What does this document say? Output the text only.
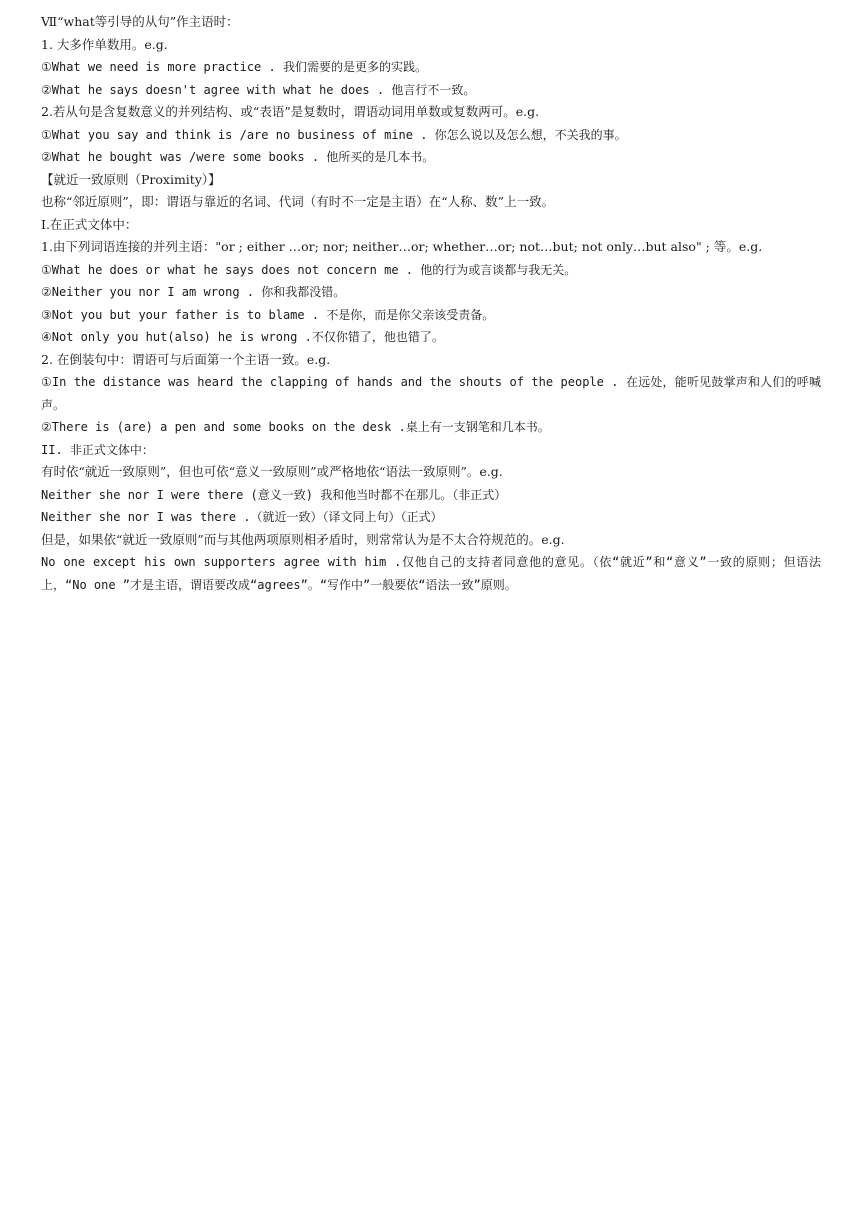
Ⅶ“what等引导的从句”作主语时：
1. 大多作单数用。e.g.
①What we need is more practice . 我们需要的是更多的实践。
②What he says doesn't agree with what he does . 他言行不一致。
2.若从句是含复数意义的并列结构、或“表语”是复数时，谓语动词用单数或复数两可。e.g.
①What you say and think is /are no business of mine . 你怎么说以及怎么想，不关我的事。
②What he bought was /were some books . 他所买的是几本书。
【就近一致原则（Proximity）】
也称“邻近原则”，即：谓语与靠近的名词、代词（有时不一定是主语）在“人称、数”上一致。
I.在正式文体中：
1.由下列词语连接的并列主语："or ; either …or; nor; neither…or; whether…or; not…but; not only…but also" ; 等。e.g.
①What he does or what he says does not concern me . 他的行为或言谈都与我无关。
②Neither you nor I am wrong . 你和我都没错。
③Not you but your father is to blame . 不是你，而是你父亲该受责备。
④Not only you hut(also) he is wrong .不仅你错了，他也错了。
2. 在倒装句中：谓语可与后面第一个主语一致。e.g.
①In the distance was heard the clapping of hands and the shouts of the people . 在远处，能听见鼓掌声和人们的呼喊声。
②There is (are) a pen and some books on the desk .桌上有一支钢笔和几本书。
II. 非正式文体中：
有时依“就近一致原则”，但也可依“意义一致原则”或严格地依“语法一致原则”。e.g.
Neither she nor I were there (意义一致) 我和他当时都不在那儿。（非正式）
Neither she nor I was there .（就近一致）（译文同上句）（正式）
但是，如果依“就近一致原则”而与其他两项原则相矛盾时，则常常认为是不太合符规范的。e.g.
No one except his own supporters agree with him .仅他自己的支持者同意他的意见。（依“就近”和“意义”一致的原则；但语法上，“No one ”才是主语，谓语要改成“agrees”。“写作中”一般要依“语法一致”原则。
